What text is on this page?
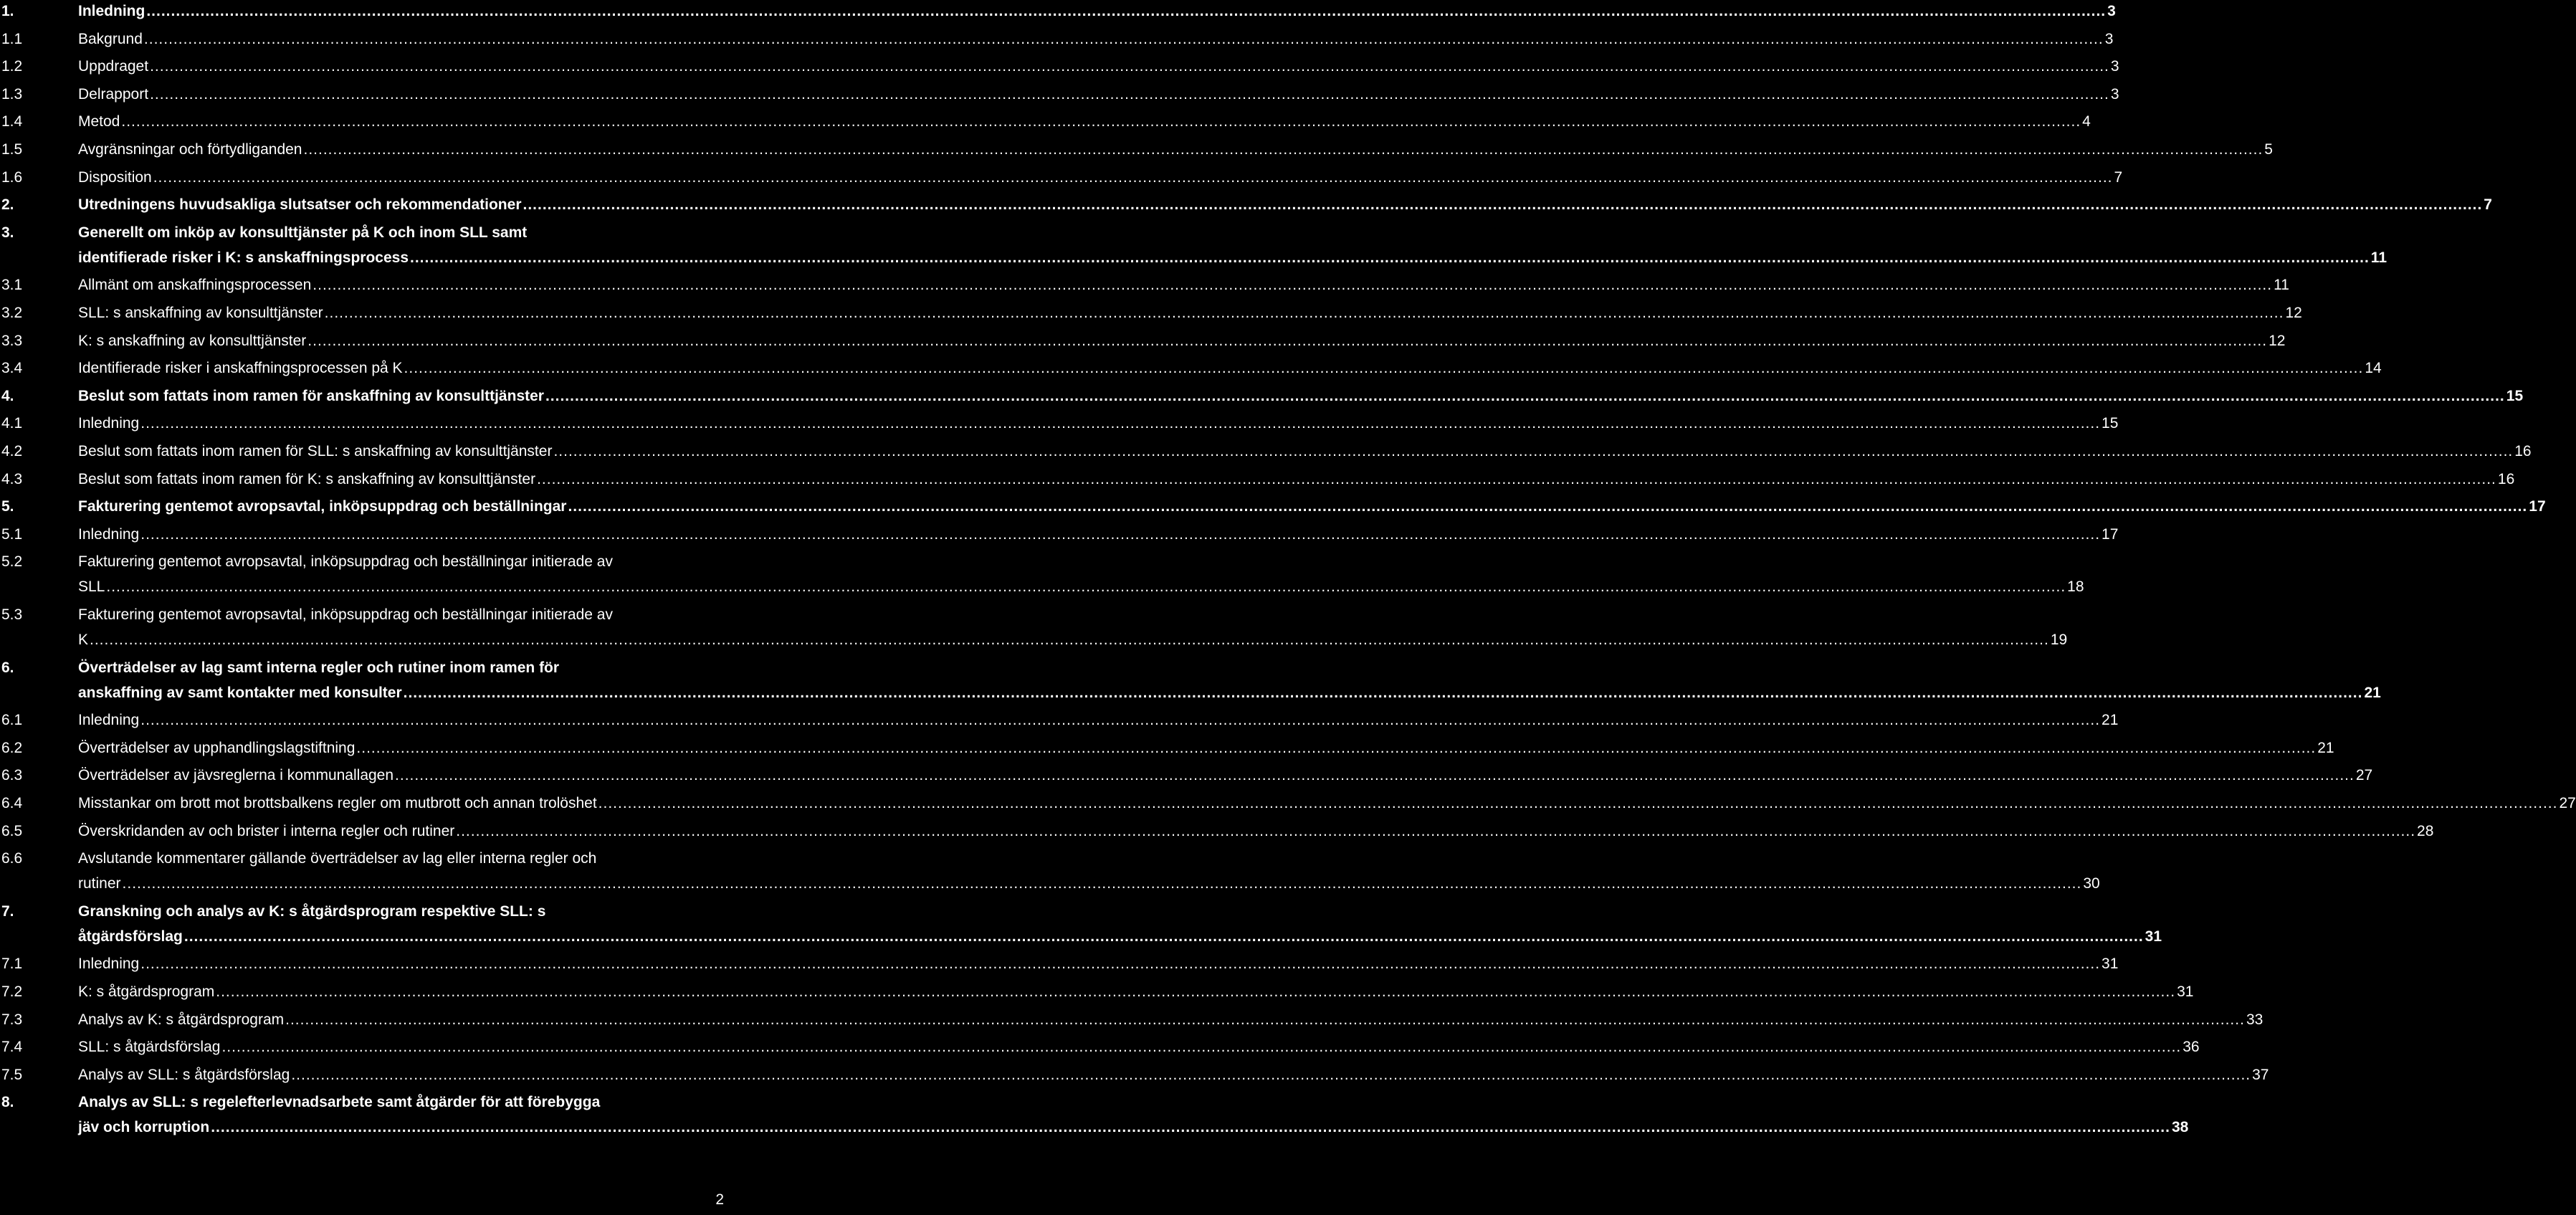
1.	Inledning ................................................................................................................................................................................................................................................................................................................................................................................................................ 3
1.1	Bakgrund ................................................................................................................................................................................................................................................................................................................................................................................................................ 3
1.2	Uppdraget ................................................................................................................................................................................................................................................................................................................................................................................................................ 3
1.3	Delrapport ................................................................................................................................................................................................................................................................................................................................................................................................................ 3
1.4	Metod ................................................................................................................................................................................................................................................................................................................................................................................................................ 4
1.5	Avgränsningar och förtydliganden ................................................................................................................................................................................................................................................................................................................................................................................................................ 5
1.6	Disposition ................................................................................................................................................................................................................................................................................................................................................................................................................ 7
2.	Utredningens huvudsakliga slutsatser och rekommendationer ................................................................................................................................................................................................................................................................................................................................................................................................................ 7
3.	Generellt om inköp av konsulttjänster på K och inom SLL samt
identifierade risker i K: s anskaffningsprocess ................................................................................................................................................................................................................................................................................................................................................................................................................ 11
3.1	Allmänt om anskaffningsprocessen ................................................................................................................................................................................................................................................................................................................................................................................................................ 11
3.2	SLL: s anskaffning av konsulttjänster ................................................................................................................................................................................................................................................................................................................................................................................................................ 12
3.3	K: s anskaffning av konsulttjänster ................................................................................................................................................................................................................................................................................................................................................................................................................ 12
3.4	Identifierade risker i anskaffningsprocessen på K ................................................................................................................................................................................................................................................................................................................................................................................................................ 14
4.	Beslut som fattats inom ramen för anskaffning av konsulttjänster ................................................................................................................................................................................................................................................................................................................................................................................................................ 15
4.1	Inledning ................................................................................................................................................................................................................................................................................................................................................................................................................ 15
4.2	Beslut som fattats inom ramen för SLL: s anskaffning av konsulttjänster ................................................................................................................................................................................................................................................................................................................................................................................................................ 16
4.3	Beslut som fattats inom ramen för K: s anskaffning av konsulttjänster ................................................................................................................................................................................................................................................................................................................................................................................................................ 16
5.	Fakturering gentemot avropsavtal, inköpsuppdrag och beställningar ................................................................................................................................................................................................................................................................................................................................................................................................................ 17
5.1	Inledning ................................................................................................................................................................................................................................................................................................................................................................................................................ 17
5.2	Fakturering gentemot avropsavtal, inköpsuppdrag och beställningar initierade av
SLL ................................................................................................................................................................................................................................................................................................................................................................................................................ 18
5.3	Fakturering gentemot avropsavtal, inköpsuppdrag och beställningar initierade av
K ................................................................................................................................................................................................................................................................................................................................................................................................................ 19
6.	Överträdelser av lag samt interna regler och rutiner inom ramen för
anskaffning av samt kontakter med konsulter ................................................................................................................................................................................................................................................................................................................................................................................................................ 21
6.1	Inledning ................................................................................................................................................................................................................................................................................................................................................................................................................ 21
6.2	Överträdelser av upphandlingslagstiftning ................................................................................................................................................................................................................................................................................................................................................................................................................ 21
6.3	Överträdelser av jävsreglerna i kommunallagen ................................................................................................................................................................................................................................................................................................................................................................................................................ 27
6.4	Misstankar om brott mot brottsbalkens regler om mutbrott och annan trolöshet ................................................................................................................................................................................................................................................................................................................................................................................................................ 27
6.5	Överskridanden av och brister i interna regler och rutiner ................................................................................................................................................................................................................................................................................................................................................................................................................ 28
6.6	Avslutande kommentarer gällande överträdelser av lag eller interna regler och
rutiner ................................................................................................................................................................................................................................................................................................................................................................................................................ 30
7.	Granskning och analys av K: s åtgärdsprogram respektive SLL: s
åtgärdsförslag ................................................................................................................................................................................................................................................................................................................................................................................................................ 31
7.1	Inledning ................................................................................................................................................................................................................................................................................................................................................................................................................ 31
7.2	K: s åtgärdsprogram ................................................................................................................................................................................................................................................................................................................................................................................................................ 31
7.3	Analys av K: s åtgärdsprogram ................................................................................................................................................................................................................................................................................................................................................................................................................ 33
7.4	SLL: s åtgärdsförslag ................................................................................................................................................................................................................................................................................................................................................................................................................ 36
7.5	Analys av SLL: s åtgärdsförslag ................................................................................................................................................................................................................................................................................................................................................................................................................ 37
8.	Analys av SLL: s regelefterlevnadsarbete samt åtgärder för att förebygga
jäv och korruption ................................................................................................................................................................................................................................................................................................................................................................................................................ 38
2
